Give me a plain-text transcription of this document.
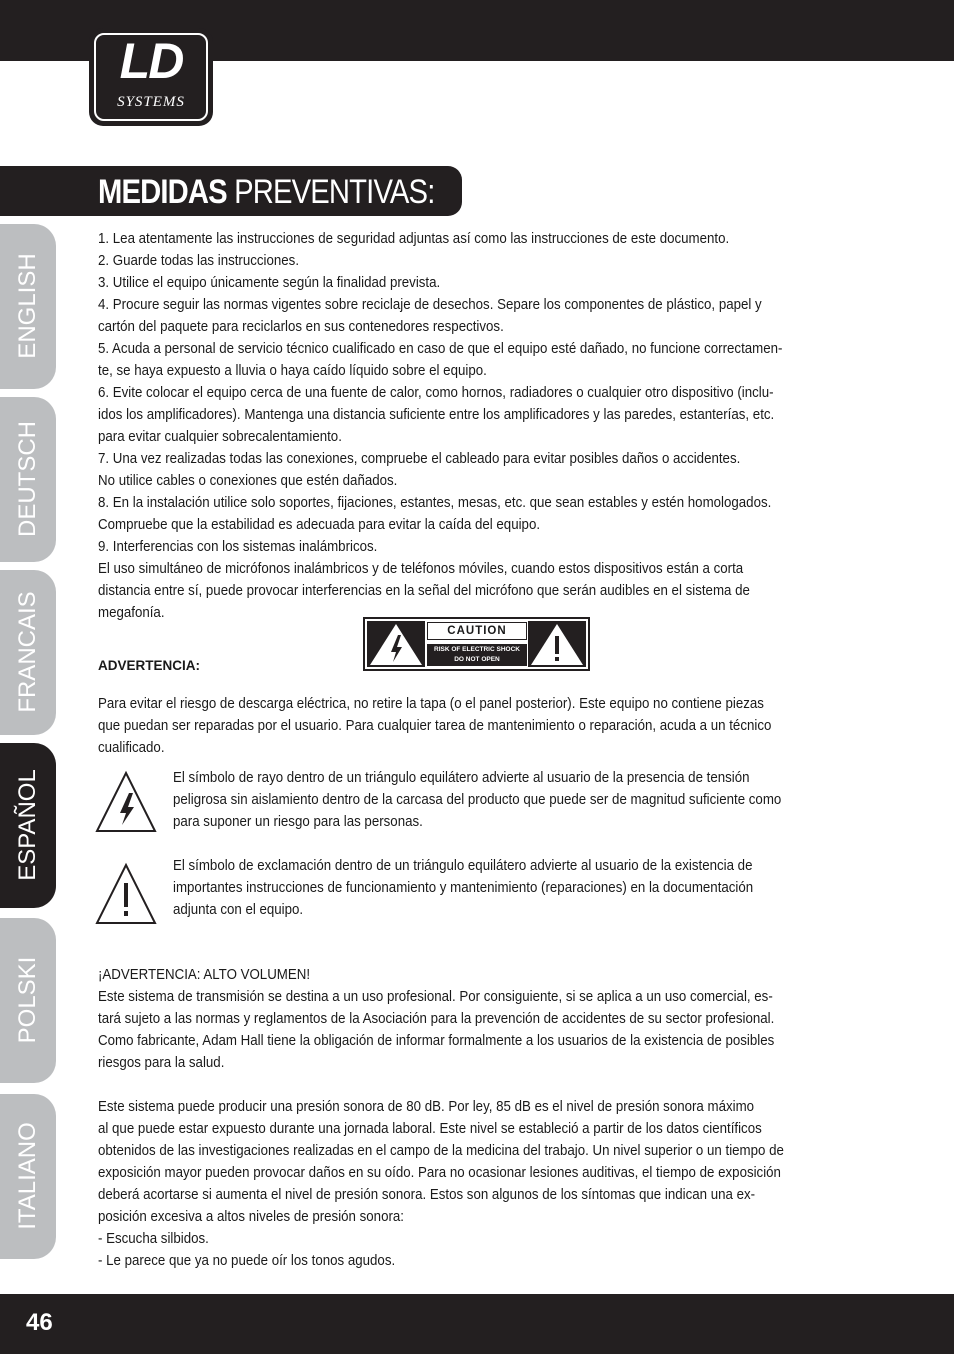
LD
SYSTEMS
MEDIDAS PREVENTIVAS:
ENGLISH
DEUTSCH
FRANCAIS
ESPAÑOL
POLSKI
ITALIANO
1. Lea atentamente las instrucciones de seguridad adjuntas así como las instrucciones de este documento.
2. Guarde todas las instrucciones.
3. Utilice el equipo únicamente según la finalidad prevista.
4. Procure seguir las normas vigentes sobre reciclaje de desechos. Separe los componentes de plástico, papel y
cartón del paquete para reciclarlos en sus contenedores respectivos.
5. Acuda a personal de servicio técnico cualificado en caso de que el equipo esté dañado, no funcione correctamen-
te, se haya expuesto a lluvia o haya caído líquido sobre el equipo.
6. Evite colocar el equipo cerca de una fuente de calor, como hornos, radiadores o cualquier otro dispositivo (inclu-
idos los amplificadores). Mantenga una distancia suficiente entre los amplificadores y las paredes, estanterías, etc.
para evitar cualquier sobrecalentamiento.
7. Una vez realizadas todas las conexiones, compruebe el cableado para evitar posibles daños o accidentes.
No utilice cables o conexiones que estén dañados.
8. En la instalación utilice solo soportes, fijaciones, estantes, mesas, etc. que sean estables y estén homologados.
Compruebe que la estabilidad es adecuada para evitar la caída del equipo.
9. Interferencias con los sistemas inalámbricos.
El uso simultáneo de micrófonos inalámbricos y de teléfonos móviles, cuando estos dispositivos están a corta
distancia entre sí, puede provocar interferencias en la señal del micrófono que serán audibles en el sistema de
megafonía.
ADVERTENCIA:
Para evitar el riesgo de descarga eléctrica, no retire la tapa (o el panel posterior). Este equipo no contiene piezas
que puedan ser reparadas por el usuario. Para cualquier tarea de mantenimiento o reparación, acuda a un técnico
cualificado.
CAUTION
RISK OF ELECTRIC SHOCK
DO NOT OPEN
El símbolo de rayo dentro de un triángulo equilátero advierte al usuario de la presencia de tensión
peligrosa sin aislamiento dentro de la carcasa del producto que puede ser de magnitud suficiente como
para suponer un riesgo para las personas.
El símbolo de exclamación dentro de un triángulo equilátero advierte al usuario de la existencia de
importantes instrucciones de funcionamiento y mantenimiento (reparaciones) en la documentación
adjunta con el equipo.
¡ADVERTENCIA: ALTO VOLUMEN!
Este sistema de transmisión se destina a un uso profesional. Por consiguiente, si se aplica a un uso comercial, es-
tará sujeto a las normas y reglamentos de la Asociación para la prevención de accidentes de su sector profesional.
Como fabricante, Adam Hall tiene la obligación de informar formalmente a los usuarios de la existencia de posibles
riesgos para la salud.
Este sistema puede producir una presión sonora de 80 dB. Por ley, 85 dB es el nivel de presión sonora máximo
al que puede estar expuesto durante una jornada laboral. Este nivel se estableció a partir de los datos científicos
obtenidos de las investigaciones realizadas en el campo de la medicina del trabajo. Un nivel superior o un tiempo de
exposición mayor pueden provocar daños en su oído. Para no ocasionar lesiones auditivas, el tiempo de exposición
deberá acortarse si aumenta el nivel de presión sonora. Estos son algunos de los síntomas que indican una ex-
posición excesiva a altos niveles de presión sonora:
- Escucha silbidos.
- Le parece que ya no puede oír los tonos agudos.
46
